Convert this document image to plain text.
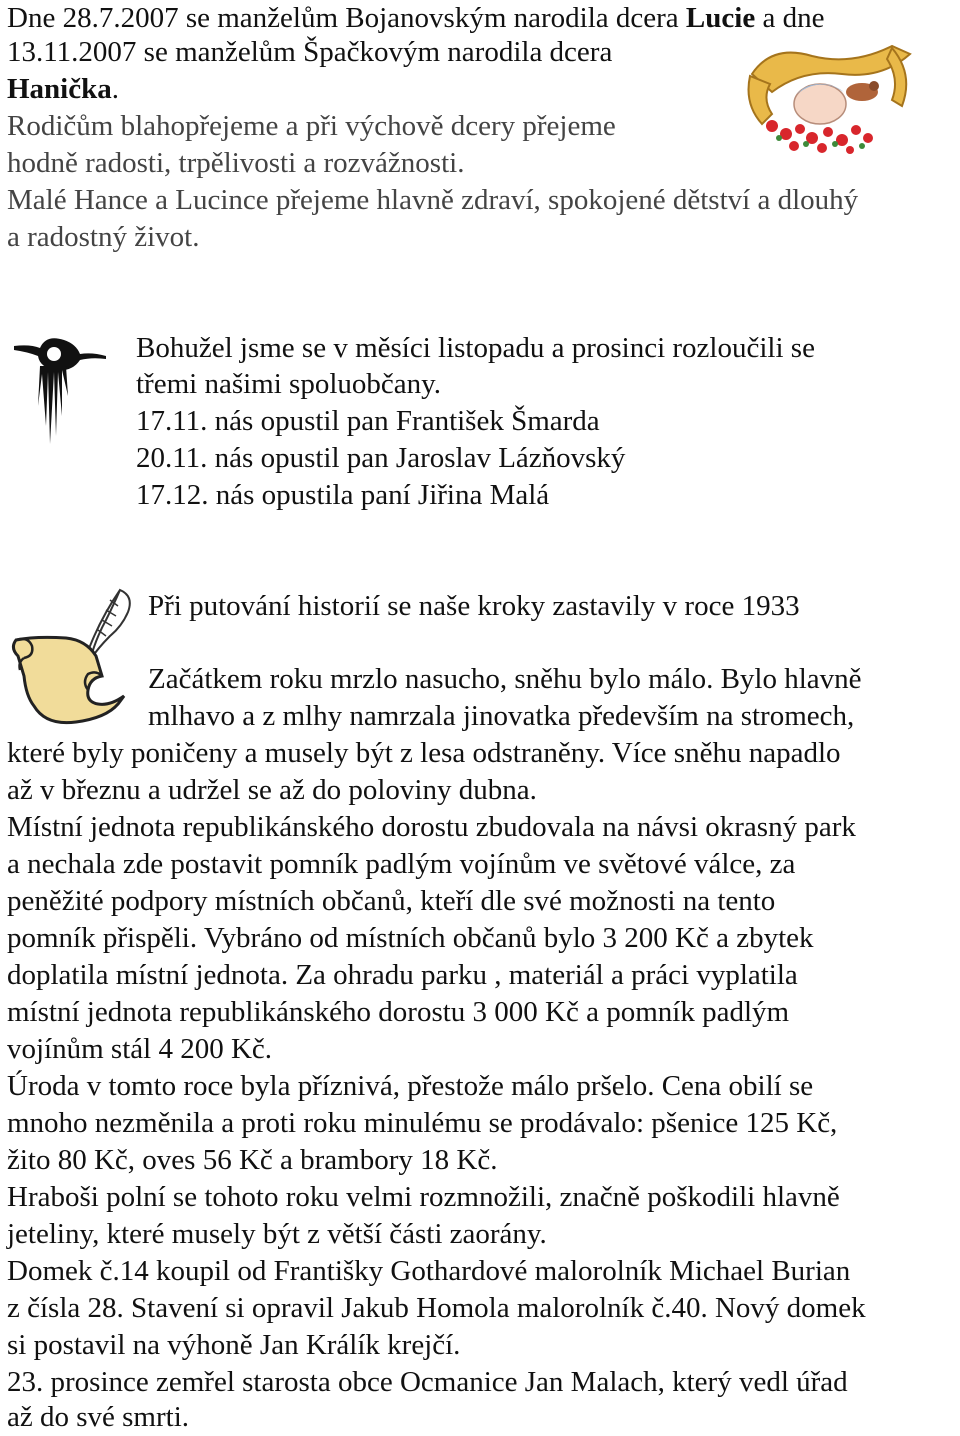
Dne 28.7.2007 se manželům Bojanovským narodila dcera Lucie a dne
13.11.2007 se manželům Špačkovým narodila dcera
Hanička.
Rodičům blahopřejeme a při výchově dcery přejeme
hodně radosti, trpělivosti a rozvážnosti.
Malé Hance a Lucince přejeme hlavně zdraví, spokojené dětství a dlouhý
a radostný život.
Bohužel jsme se v měsíci listopadu a prosinci rozloučili se
třemi našimi spoluobčany.
17.11. nás opustil pan František Šmarda
20.11. nás opustil pan Jaroslav Lázňovský
17.12. nás opustila paní Jiřina Malá
Při putování historií se naše kroky zastavily v roce 1933
Začátkem roku mrzlo nasucho, sněhu bylo málo. Bylo hlavně
mlhavo a z mlhy namrzala jinovatka především na stromech,
které byly poničeny a musely být z lesa odstraněny. Více sněhu napadlo
až v březnu a udržel se až do poloviny dubna.
Místní jednota republikánského dorostu zbudovala na návsi okrasný park
a nechala zde postavit pomník padlým vojínům ve světové válce, za
peněžité podpory místních občanů, kteří dle své možnosti na tento
pomník přispěli. Vybráno od místních občanů bylo 3 200 Kč a zbytek
doplatila místní jednota. Za ohradu parku , materiál a práci vyplatila
místní jednota republikánského dorostu 3 000 Kč a pomník padlým
vojínům stál 4 200 Kč.
Úroda v tomto roce byla příznivá, přestože málo pršelo. Cena obilí se
mnoho nezměnila a proti roku minulému se prodávalo: pšenice 125 Kč,
žito 80 Kč, oves 56 Kč a brambory 18 Kč.
Hraboši polní se tohoto roku velmi rozmnožili, značně poškodili hlavně
jeteliny, které musely být z větší části zaorány.
Domek č.14 koupil od Františky Gothardové malorolník Michael Burian
z čísla 28. Stavení si opravil Jakub Homola malorolník č.40. Nový domek
si postavil na výhoně Jan Králík krejčí.
23. prosince zemřel starosta obce Ocmanice Jan Malach, který vedl úřad
až do své smrti.
